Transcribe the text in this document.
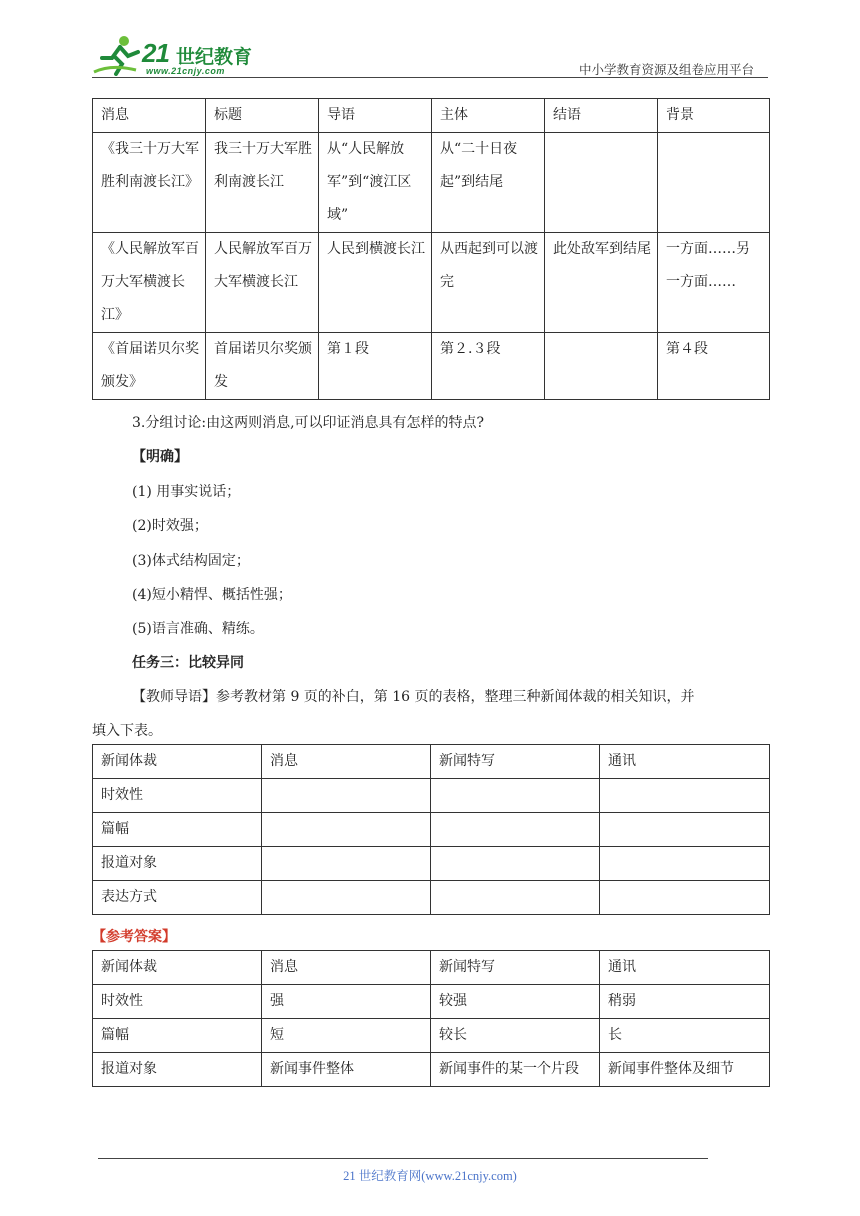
21 世纪教育
www.21cnjy.com	中小学教育资源及组卷应用平台
消息	标题	导语	主体	结语	背景
《我三十万大军胜利南渡长江》	我三十万大军胜利南渡长江	从“人民解放军”到“渡江区域”	从“二十日夜起”到结尾		
《人民解放军百万大军横渡长江》	人民解放军百万大军横渡长江	人民到横渡长江	从西起到可以渡完	此处敌军到结尾	一方面……另一方面……
《首届诺贝尔奖颁发》	首届诺贝尔奖颁发	第１段	第２.３段		第４段
3.分组讨论:由这两则消息,可以印证消息具有怎样的特点?
【明确】
(1) 用事实说话；
(2)时效强；
(3)体式结构固定；
(4)短小精悍、概括性强；
(5)语言准确、精练。
任务三：比较异同
【教师导语】参考教材第 9 页的补白，第 16 页的表格，整理三种新闻体裁的相关知识，并
填入下表。
新闻体裁	消息	新闻特写	通讯
时效性			
篇幅			
报道对象			
表达方式			
【参考答案】
新闻体裁	消息	新闻特写	通讯
时效性	强	较强	稍弱
篇幅	短	较长	长
报道对象	新闻事件整体	新闻事件的某一个片段	新闻事件整体及细节
21 世纪教育网(www.21cnjy.com)
